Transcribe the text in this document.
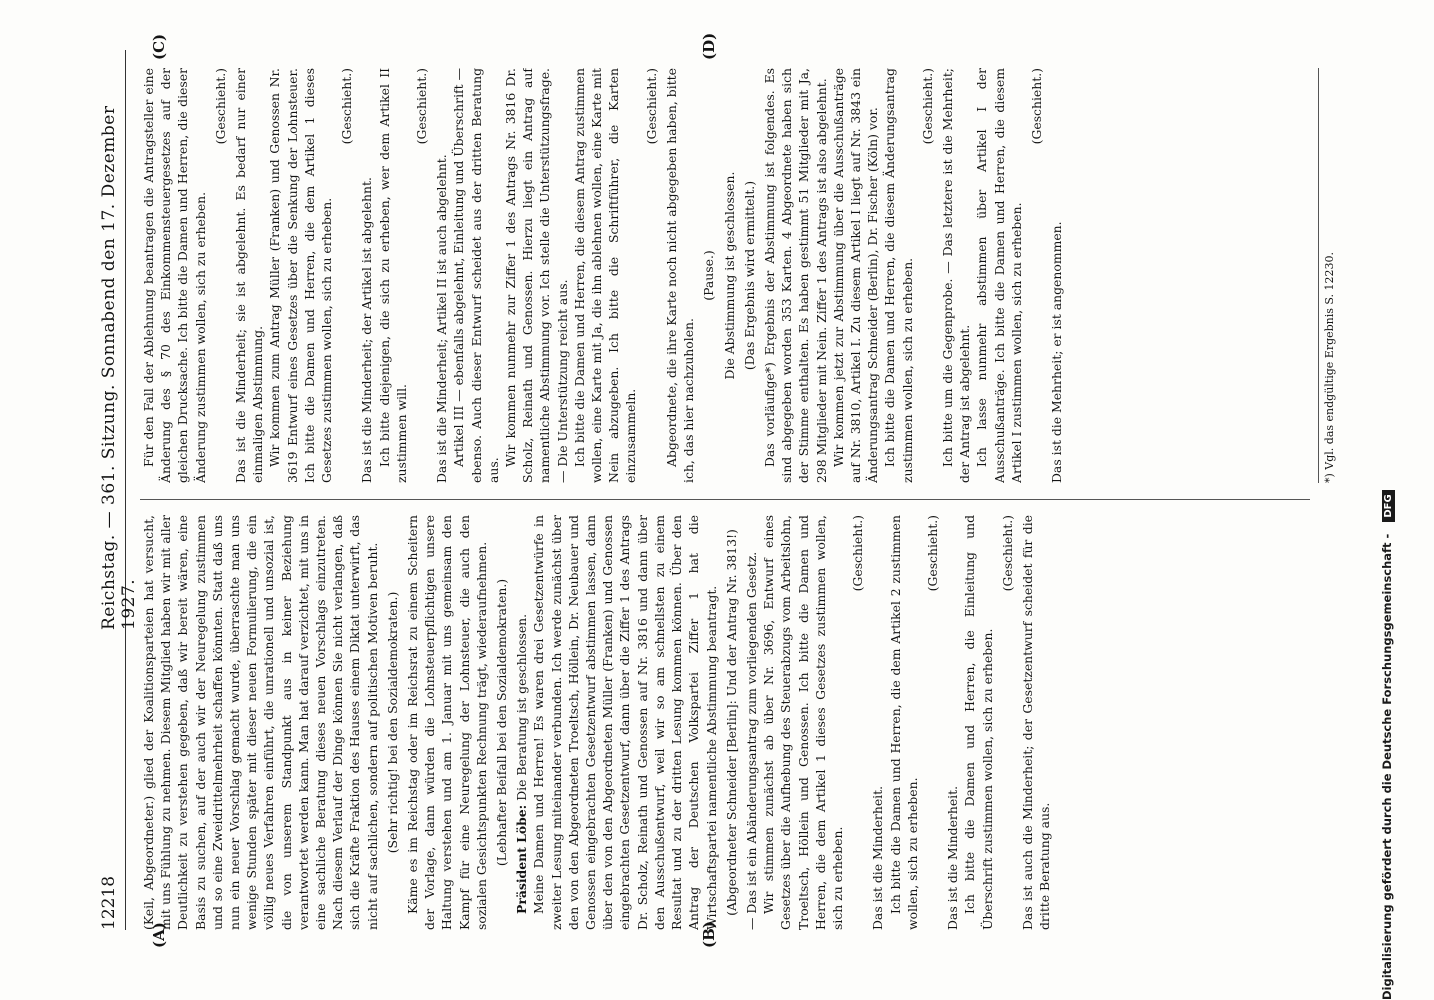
12218
Reichstag. — 361. Sitzung. Sonnabend den 17. Dezember 1927.
(A)	(B)
(C)	(D)

(Keil, Abgeordneter.) glied der Koalitionsparteien hat versucht, mit uns Fühlung zu nehmen. Diesem Mitglied haben wir mit aller Deutlichkeit zu verstehen gegeben, daß wir bereit wären, eine Basis zu suchen, auf der auch wir der Neuregelung zustimmen und so eine Zweidrittelmehrheit schaffen könnten. Statt daß uns nun ein neuer Vorschlag gemacht wurde, überraschte man uns wenige Stunden später mit dieser neuen Formulierung, die ein völlig neues Verfahren einführt, die unrationell und unsozial ist, die von unserem Standpunkt aus in keiner Beziehung verantwortet werden kann. Man hat darauf verzichtet, mit uns in eine sachliche Beratung dieses neuen Vorschlags einzutreten. Nach diesem Verlauf der Dinge können Sie nicht verlangen, daß sich die Kräfte Fraktion des Hauses einem Diktat unterwirft, das nicht auf sachlichen, sondern auf politischen Motiven beruht. (Sehr richtig! bei den Sozialdemokraten.) Käme es im Reichstag oder im Reichsrat zu einem Scheitern der Vorlage, dann würden die Lohnsteuerpflichtigen unsere Haltung verstehen und am 1. Januar mit uns gemeinsam den Kampf für eine Neuregelung der Lohnsteuer, die auch den sozialen Gesichtspunkten Rechnung trägt, wiederaufnehmen. (Lebhafter Beifall bei den Sozialdemokraten.) Präsident Löbe: Die Beratung ist geschlossen. Meine Damen und Herren! Es waren drei Gesetzentwürfe in zweiter Lesung miteinander verbunden. Ich werde zunächst über den von den Abgeordneten Troeltsch, Höllein, Dr. Neubauer und Genossen eingebrachten Gesetzentwurf abstimmen lassen, dann über den von den Abgeordneten Müller (Franken) und Genossen eingebrachten Gesetzentwurf, dann über die Ziffer 1 des Antrags Dr. Scholz, Reinath und Genossen auf Nr. 3816 und dann über den Ausschußentwurf, weil wir so am schnellsten zu einem Resultat und zu der dritten Lesung kommen können. Über den Antrag der Deutschen Volkspartei Ziffer 1 hat die Wirtschaftspartei namentliche Abstimmung beantragt. (Abgeordneter Schneider [Berlin]: Und der Antrag Nr. 3813!) — Das ist ein Abänderungsantrag zum vorliegenden Gesetz. Wir stimmen zunächst ab über Nr. 3696, Entwurf eines Gesetzes über die Aufhebung des Steuerabzugs vom Arbeitslohn, Troeltsch, Höllein und Genossen. Ich bitte die Damen und Herren, die dem Artikel 1 dieses Gesetzes zustimmen wollen, sich zu erheben.

(Geschieht.)

Das ist die Minderheit. Ich bitte die Damen und Herren, die dem Artikel 2 zustimmen wollen, sich zu erheben.

(Geschieht.)

Das ist die Minderheit. Ich bitte die Damen und Herren, die Einleitung und Überschrift zustimmen wollen, sich zu erheben.

(Geschieht.) Das ist auch die Minderheit; der Gesetzentwurf scheidet für die dritte Beratung aus.

Für den Fall der Ablehnung beantragen die Antragsteller eine Änderung des § 70 des Einkommensteuergesetzes auf der gleichen Drucksache. Ich bitte die Damen und Herren, die dieser Änderung zustimmen wollen, sich zu erheben.

(Geschieht.) Das ist die Minderheit; sie ist abgelehnt. Es bedarf nur einer einmaligen Abstimmung. Wir kommen zum Antrag Müller (Franken) und Genossen Nr. 3619 Entwurf eines Gesetzes über die Senkung der Lohnsteuer. Ich bitte die Damen und Herren, die dem Artikel 1 dieses Gesetzes zustimmen wollen, sich zu erheben.

(Geschieht.)

Das ist die Minderheit; der Artikel ist abgelehnt. Ich bitte diejenigen, die sich zu erheben, wer dem Artikel II zustimmen will.

(Geschieht.)

Das ist die Minderheit; Artikel II ist auch abgelehnt. Artikel III — ebenfalls abgelehnt, Einleitung und Überschrift — ebenso. Auch dieser Entwurf scheidet aus der dritten Beratung aus.

Wir kommen nunmehr zur Ziffer 1 des Antrags Nr. 3816 Dr. Scholz, Reinath und Genossen. Hierzu liegt ein Antrag auf namentliche Abstimmung vor. Ich stelle die Unterstützungsfrage. — Die Unterstützung reicht aus. Ich bitte die Damen und Herren, die diesem Antrag zustimmen wollen, eine Karte mit Ja, die ihn ablehnen wollen, eine Karte mit Nein abzugeben. Ich bitte die Schriftführer, die Karten einzusammeln.

(Geschieht.) Abgeordnete, die ihre Karte noch nicht abgegeben haben, bitte ich, das hier nachzuholen.

(Pause.) Die Abstimmung ist geschlossen. (Das Ergebnis wird ermittelt.) Das vorläufige*) Ergebnis der Abstimmung ist folgendes. Es sind abgegeben worden 353 Karten. 4 Abgeordnete haben sich der Stimme enthalten. Es haben gestimmt 51 Mitglieder mit Ja, 298 Mitglieder mit Nein. Ziffer 1 des Antrags ist also abgelehnt. Wir kommen jetzt zur Abstimmung über die Ausschußanträge auf Nr. 3810, Artikel I. Zu diesem Artikel I liegt auf Nr. 3843 ein Änderungsantrag Schneider (Berlin), Dr. Fischer (Köln) vor. Ich bitte die Damen und Herren, die diesem Änderungsantrag zustimmen wollen, sich zu erheben.

(Geschieht.) Ich bitte um die Gegenprobe. — Das letztere ist die Mehrheit; der Antrag ist abgelehnt. Ich lasse nunmehr abstimmen über Artikel I der Ausschußanträge. Ich bitte die Damen und Herren, die diesem Artikel I zustimmen wollen, sich zu erheben.

(Geschieht.)

Das ist die Mehrheit; er ist angenommen.	*) Vgl. das endgültige Ergebnis S. 12230.
Digitalisierung gefördert durch die Deutsche Forschungsgemeinschaft - DFG
